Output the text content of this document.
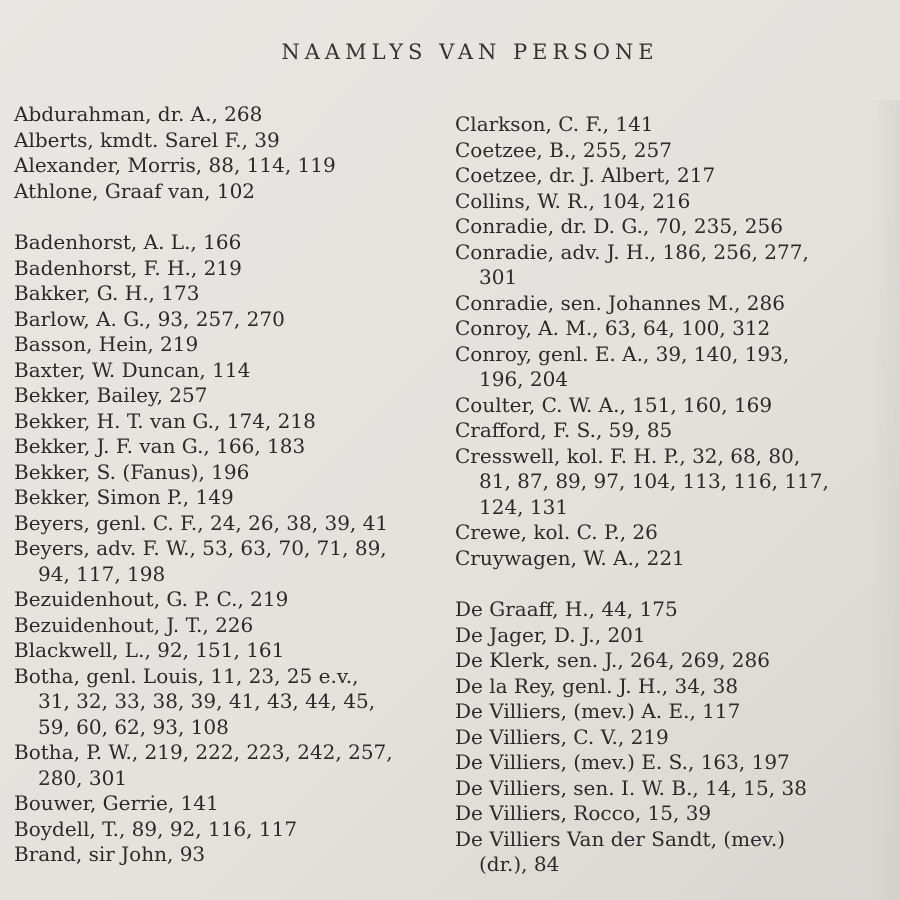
NAAMLYS VAN PERSONE
Abdurahman, dr. A., 268
Alberts, kmdt. Sarel F., 39
Alexander, Morris, 88, 114, 119
Athlone, Graaf van, 102
Badenhorst, A. L., 166
Badenhorst, F. H., 219
Bakker, G. H., 173
Barlow, A. G., 93, 257, 270
Basson, Hein, 219
Baxter, W. Duncan, 114
Bekker, Bailey, 257
Bekker, H. T. van G., 174, 218
Bekker, J. F. van G., 166, 183
Bekker, S. (Fanus), 196
Bekker, Simon P., 149
Beyers, genl. C. F., 24, 26, 38, 39, 41
Beyers, adv. F. W., 53, 63, 70, 71, 89,
94, 117, 198
Bezuidenhout, G. P. C., 219
Bezuidenhout, J. T., 226
Blackwell, L., 92, 151, 161
Botha, genl. Louis, 11, 23, 25 e.v.,
31, 32, 33, 38, 39, 41, 43, 44, 45,
59, 60, 62, 93, 108
Botha, P. W., 219, 222, 223, 242, 257,
280, 301
Bouwer, Gerrie, 141
Boydell, T., 89, 92, 116, 117
Brand, sir John, 93
Clarkson, C. F., 141
Coetzee, B., 255, 257
Coetzee, dr. J. Albert, 217
Collins, W. R., 104, 216
Conradie, dr. D. G., 70, 235, 256
Conradie, adv. J. H., 186, 256, 277,
301
Conradie, sen. Johannes M., 286
Conroy, A. M., 63, 64, 100, 312
Conroy, genl. E. A., 39, 140, 193,
196, 204
Coulter, C. W. A., 151, 160, 169
Crafford, F. S., 59, 85
Cresswell, kol. F. H. P., 32, 68, 80,
81, 87, 89, 97, 104, 113, 116, 117,
124, 131
Crewe, kol. C. P., 26
Cruywagen, W. A., 221
De Graaff, H., 44, 175
De Jager, D. J., 201
De Klerk, sen. J., 264, 269, 286
De la Rey, genl. J. H., 34, 38
De Villiers, (mev.) A. E., 117
De Villiers, C. V., 219
De Villiers, (mev.) E. S., 163, 197
De Villiers, sen. I. W. B., 14, 15, 38
De Villiers, Rocco, 15, 39
De Villiers Van der Sandt, (mev.)
(dr.), 84
